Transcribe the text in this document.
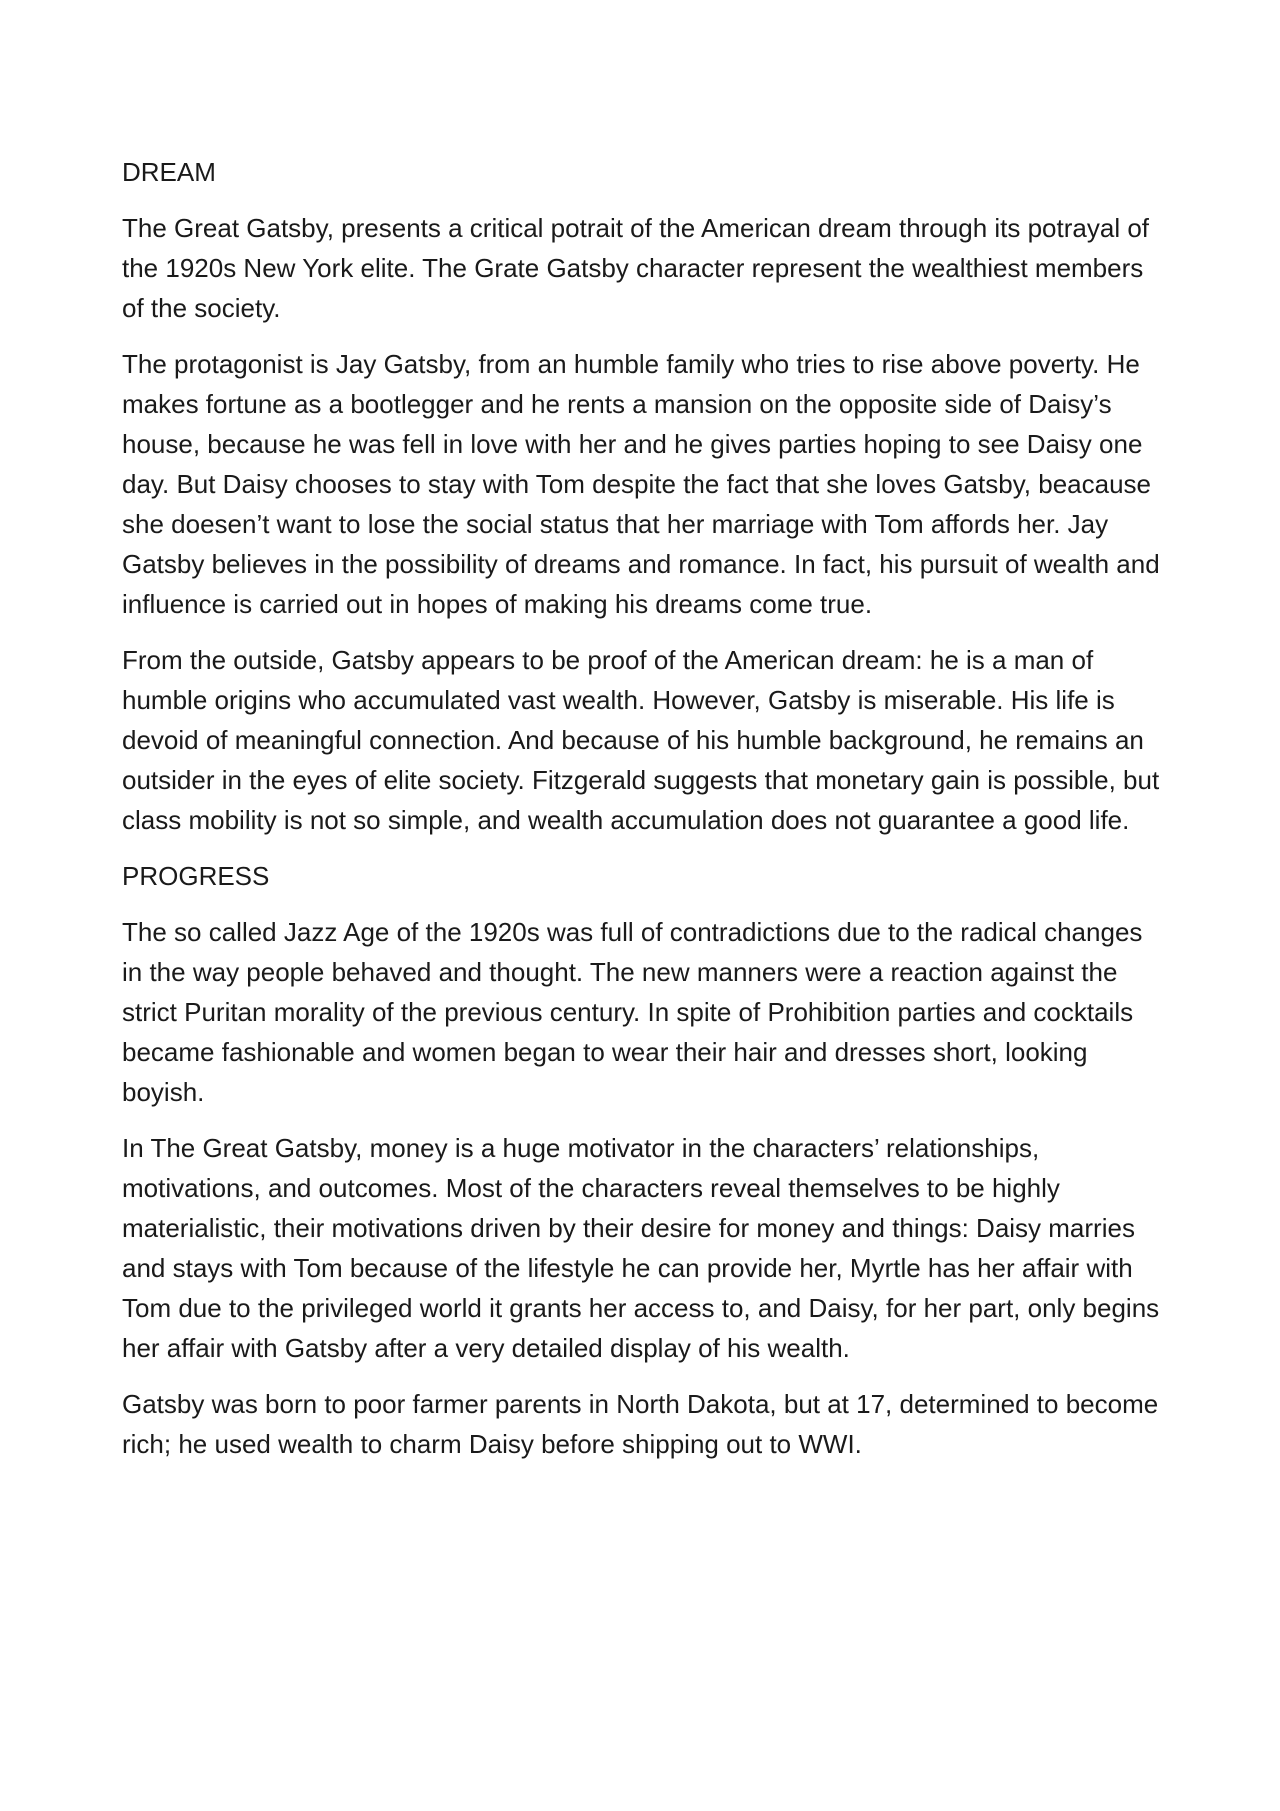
DREAM

The Great Gatsby, presents a critical potrait of the American dream through its potrayal of the 1920s New York elite. The Grate Gatsby character represent the wealthiest members of the society.

The protagonist is Jay Gatsby, from an humble family who tries to rise above poverty. He makes fortune as a bootlegger and he rents a mansion on the opposite side of Daisy’s house, because he was fell in love with her and he gives parties hoping to see Daisy one day. But Daisy chooses to stay with Tom despite the fact that she loves Gatsby, beacause she doesen’t want to lose the social status that her marriage with Tom affords her. Jay Gatsby believes in the possibility of dreams and romance. In fact, his pursuit of wealth and influence is carried out in hopes of making his dreams come true.

From the outside, Gatsby appears to be proof of the American dream: he is a man of humble origins who accumulated vast wealth. However, Gatsby is miserable. His life is devoid of meaningful connection. And because of his humble background, he remains an outsider in the eyes of elite society. Fitzgerald suggests that monetary gain is possible, but class mobility is not so simple, and wealth accumulation does not guarantee a good life.

PROGRESS

The so called Jazz Age of the 1920s was full of contradictions due to the radical changes in the way people behaved and thought. The new manners were a reaction against the strict Puritan morality of the previous century. In spite of Prohibition parties and cocktails became fashionable and women began to wear their hair and dresses short, looking boyish.

In The Great Gatsby, money is a huge motivator in the characters’ relationships, motivations, and outcomes. Most of the characters reveal themselves to be highly materialistic, their motivations driven by their desire for money and things: Daisy marries and stays with Tom because of the lifestyle he can provide her, Myrtle has her affair with Tom due to the privileged world it grants her access to, and Daisy, for her part, only begins her affair with Gatsby after a very detailed display of his wealth.

Gatsby was born to poor farmer parents in North Dakota, but at 17, determined to become rich; he used wealth to charm Daisy before shipping out to WWI.
